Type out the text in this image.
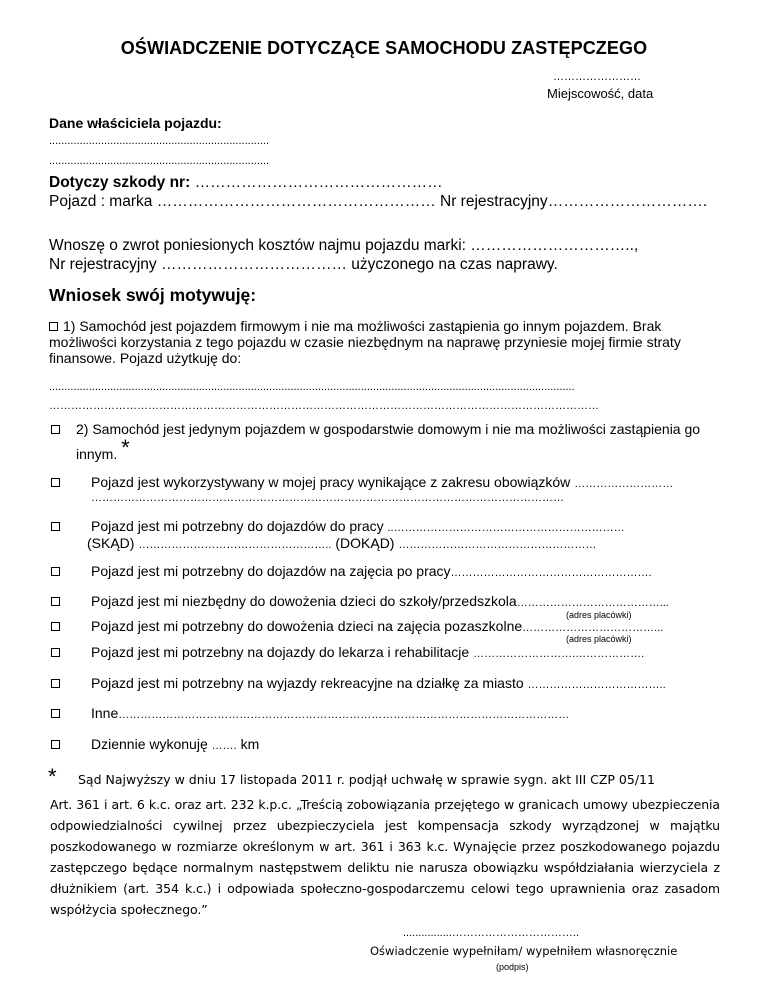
OŚWIADCZENIE DOTYCZĄCE SAMOCHODU ZASTĘPCZEGO
……………………
Miejscowość, data
Dane właściciela pojazdu:
........................................................................
........................................................................
Dotyczy szkody nr: …………………………………………
Pojazd : marka ……………………………………………… Nr rejestracyjny………………………….
Wnoszę o zwrot poniesionych kosztów najmu pojazdu marki: …………………………..,
Nr rejestracyjny ……………………………… użyczonego na czas naprawy.
Wniosek swój motywuję:
1) Samochód jest pojazdem firmowym i nie ma możliwości zastąpienia go innym pojazdem. Brak możliwości korzystania z tego pojazdu w czasie niezbędnym na naprawę przyniesie mojej firmie straty finansowe. Pojazd użytkuję do:
............................................................................................................................................................................
……………………………………………………………………………………………………………………………………
2) Samochód jest jedynym pojazdem w gospodarstwie domowym i nie ma możliwości zastąpienia go
innym. *
Pojazd jest wykorzystywany w mojej pracy wynikające z zakresu obowiązków ………………………
…………………………………………………………………………………………………………………
Pojazd jest mi potrzebny do dojazdów do pracy ..………………………………………………………
(SKĄD) …………………………………………….. (DOKĄD) ………………………………………………
Pojazd jest mi potrzebny do dojazdów na zajęcia po pracy……………………………………………….
Pojazd jest mi niezbędny do dowożenia dzieci do szkoły/przedszkola…………………………………...
(adres placówki)
Pojazd jest mi potrzebny do dowożenia dzieci na zajęcia pozaszkolne………………………………...
(adres placówki)
Pojazd jest mi potrzebny na dojazdy do lekarza i rehabilitacje ……………………….……………….
Pojazd jest mi potrzebny na wyjazdy rekreacyjne na działkę za miasto ………………………………..
Inne……………………………………………………………………………………………………………
Dziennie wykonuję ……. km
* Sąd Najwyższy w dniu 17 listopada 2011 r. podjął uchwałę w sprawie sygn. akt III CZP 05/11
Art. 361 i art. 6 k.c. oraz art. 232 k.p.c. „Treścią zobowiązania przejętego w granicach umowy ubezpieczenia odpowiedzialności cywilnej przez ubezpieczyciela jest kompensacja szkody wyrządzonej w majątku poszkodowanego w rozmiarze określonym w art. 361 i 363 k.c. Wynajęcie przez poszkodowanego pojazdu zastępczego będące normalnym następstwem deliktu nie narusza obowiązku współdziałania wierzyciela z dłużnikiem (art. 354 k.c.) i odpowiada społeczno-gospodarczemu celowi tego uprawnienia oraz zasadom współżycia społecznego.”
................……………………………..
Oświadczenie wypełniłam/ wypełniłem własnoręcznie
(podpis)
